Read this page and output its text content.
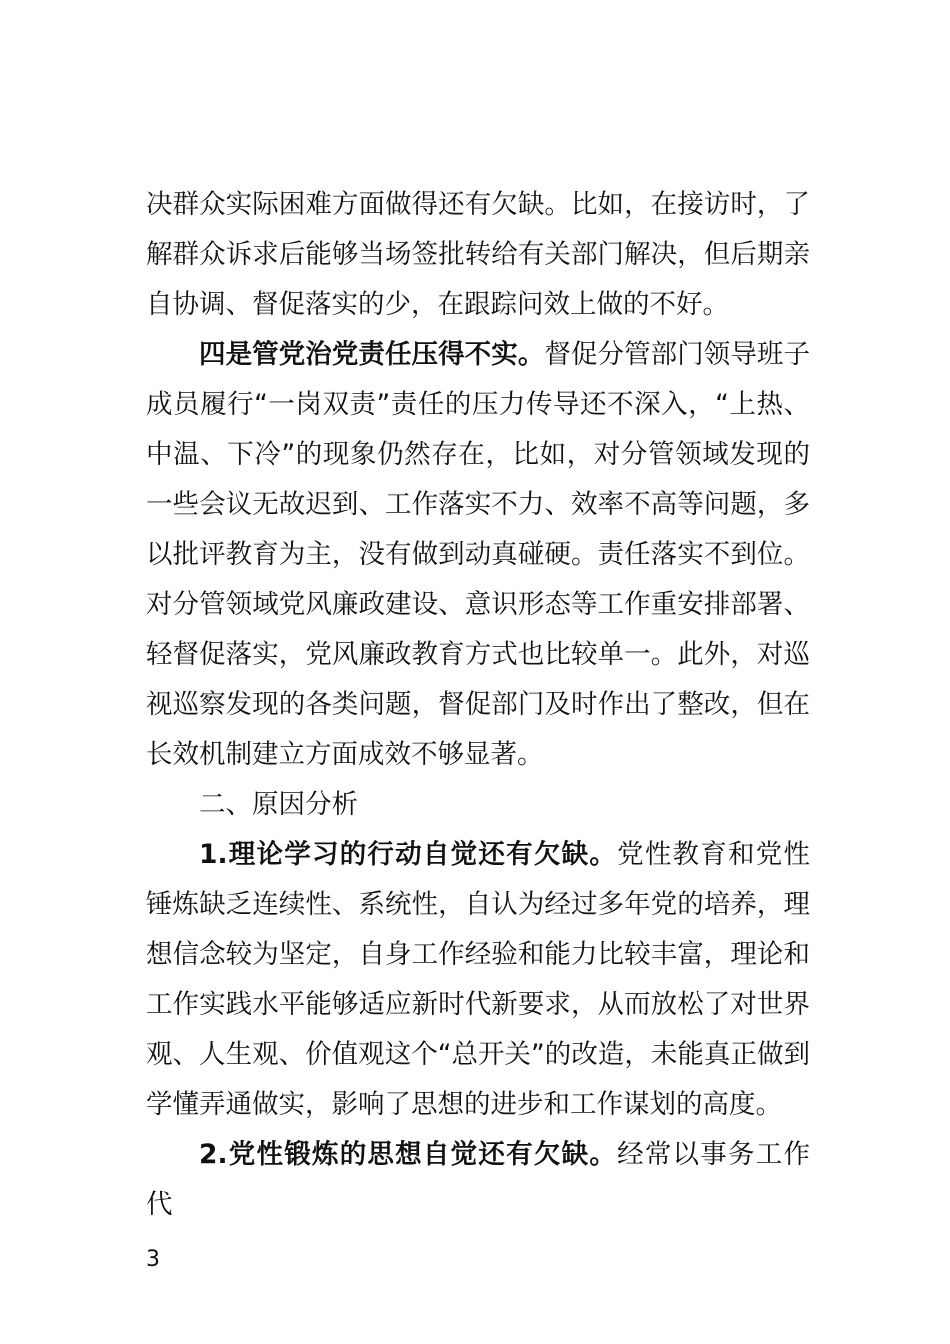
决群众实际困难方面做得还有欠缺。比如，在接访时，了解群众诉求后能够当场签批转给有关部门解决，但后期亲自协调、督促落实的少，在跟踪问效上做的不好。

四是管党治党责任压得不实。督促分管部门领导班子成员履行“一岗双责”责任的压力传导还不深入，“上热、中温、下冷”的现象仍然存在，比如，对分管领域发现的一些会议无故迟到、工作落实不力、效率不高等问题，多以批评教育为主，没有做到动真碰硬。责任落实不到位。对分管领域党风廉政建设、意识形态等工作重安排部署、轻督促落实，党风廉政教育方式也比较单一。此外，对巡视巡察发现的各类问题，督促部门及时作出了整改，但在长效机制建立方面成效不够显著。

二、原因分析

1.理论学习的行动自觉还有欠缺。党性教育和党性锤炼缺乏连续性、系统性，自认为经过多年党的培养，理想信念较为坚定，自身工作经验和能力比较丰富，理论和工作实践水平能够适应新时代新要求，从而放松了对世界观、人生观、价值观这个“总开关”的改造，未能真正做到学懂弄通做实，影响了思想的进步和工作谋划的高度。

2.党性锻炼的思想自觉还有欠缺。经常以事务工作代

3
